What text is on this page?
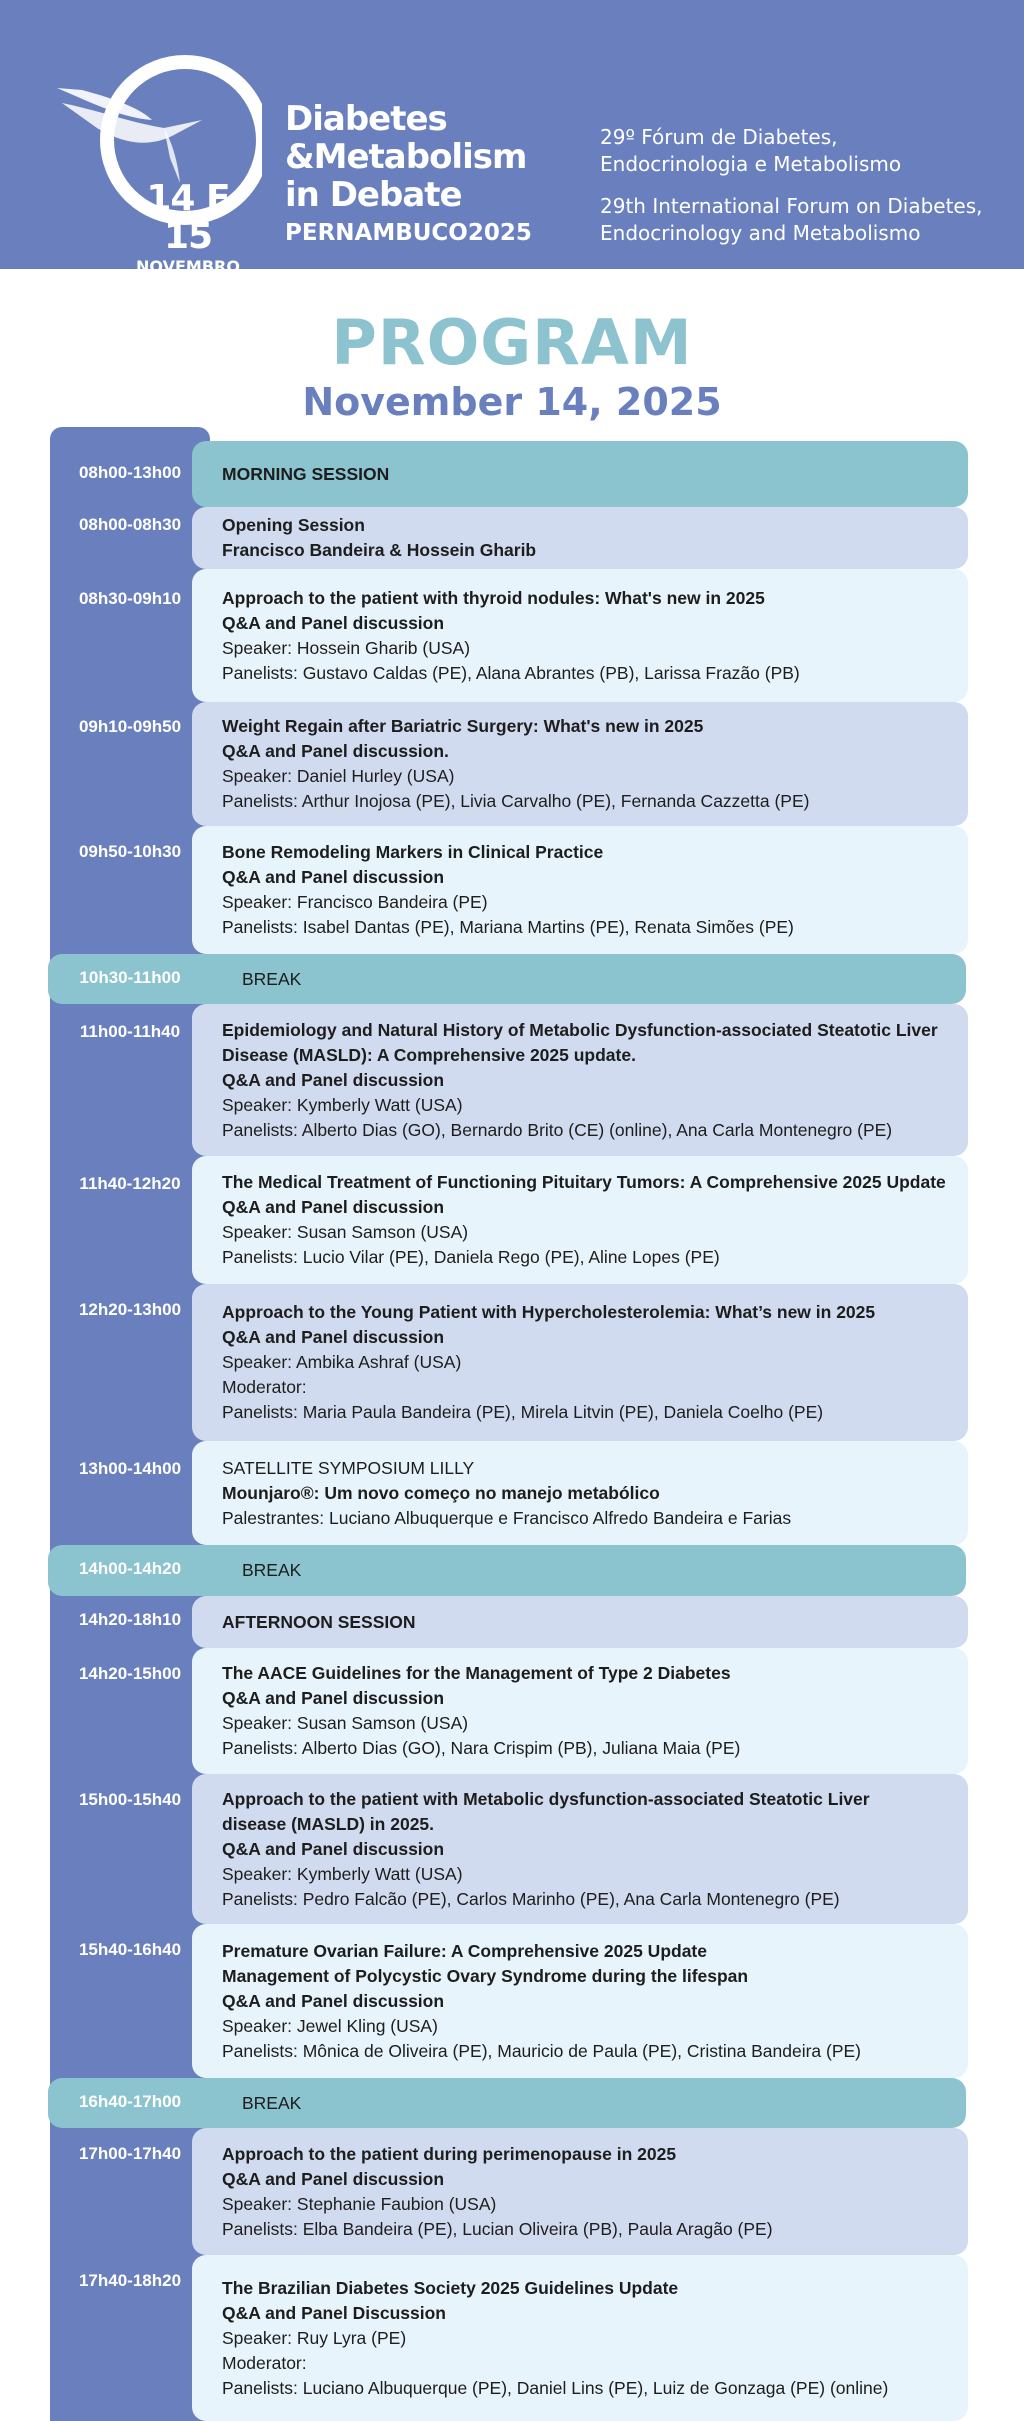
14 E 15
NOVEMBRO
Diabetes
&Metabolism
in Debate
PERNAMBUCO2025
29º Fórum de Diabetes,
Endocrinologia e Metabolismo
29th International Forum on Diabetes,
Endocrinology and Metabolismo
PROGRAM
November 14, 2025
08h00-13h00	MORNING SESSION
08h00-08h30	Opening Session
Francisco Bandeira & Hossein Gharib
08h30-09h10	Approach to the patient with thyroid nodules: What's new in 2025
Q&A and Panel discussion
Speaker: Hossein Gharib (USA)
Panelists: Gustavo Caldas (PE), Alana Abrantes (PB), Larissa Frazão (PB)
09h10-09h50	Weight Regain after Bariatric Surgery: What's new in 2025
Q&A and Panel discussion.
Speaker: Daniel Hurley (USA)
Panelists: Arthur Inojosa (PE), Livia Carvalho (PE), Fernanda Cazzetta (PE)
09h50-10h30	Bone Remodeling Markers in Clinical Practice
Q&A and Panel discussion
Speaker: Francisco Bandeira (PE)
Panelists: Isabel Dantas (PE), Mariana Martins (PE), Renata Simões (PE)
10h30-11h00	BREAK
11h00-11h40	Epidemiology and Natural History of Metabolic Dysfunction-associated Steatotic Liver
Disease (MASLD): A Comprehensive 2025 update.
Q&A and Panel discussion
Speaker: Kymberly Watt (USA)
Panelists: Alberto Dias (GO), Bernardo Brito (CE) (online), Ana Carla Montenegro (PE)
11h40-12h20	The Medical Treatment of Functioning Pituitary Tumors: A Comprehensive 2025 Update
Q&A and Panel discussion
Speaker: Susan Samson (USA)
Panelists: Lucio Vilar (PE), Daniela Rego (PE), Aline Lopes (PE)
12h20-13h00	Approach to the Young Patient with Hypercholesterolemia: What’s new in 2025
Q&A and Panel discussion
Speaker: Ambika Ashraf (USA)
Moderator:
Panelists: Maria Paula Bandeira (PE), Mirela Litvin (PE), Daniela Coelho (PE)
13h00-14h00	SATELLITE SYMPOSIUM LILLY
Mounjaro®: Um novo começo no manejo metabólico
Palestrantes: Luciano Albuquerque e Francisco Alfredo Bandeira e Farias
14h00-14h20	BREAK
14h20-18h10	AFTERNOON SESSION
14h20-15h00	The AACE Guidelines for the Management of Type 2 Diabetes
Q&A and Panel discussion
Speaker: Susan Samson (USA)
Panelists: Alberto Dias (GO), Nara Crispim (PB), Juliana Maia (PE)
15h00-15h40	Approach to the patient with Metabolic dysfunction-associated Steatotic Liver
disease (MASLD) in 2025.
Q&A and Panel discussion
Speaker: Kymberly Watt (USA)
Panelists: Pedro Falcão (PE), Carlos Marinho (PE), Ana Carla Montenegro (PE)
15h40-16h40	Premature Ovarian Failure: A Comprehensive 2025 Update
Management of Polycystic Ovary Syndrome during the lifespan
Q&A and Panel discussion
Speaker: Jewel Kling (USA)
Panelists: Mônica de Oliveira (PE), Mauricio de Paula (PE), Cristina Bandeira (PE)
16h40-17h00	BREAK
17h00-17h40	Approach to the patient during perimenopause in 2025
Q&A and Panel discussion
Speaker: Stephanie Faubion (USA)
Panelists: Elba Bandeira (PE), Lucian Oliveira (PB), Paula Aragão (PE)
17h40-18h20	The Brazilian Diabetes Society 2025 Guidelines Update
Q&A and Panel Discussion
Speaker: Ruy Lyra (PE)
Moderator:
Panelists: Luciano Albuquerque (PE), Daniel Lins (PE), Luiz de Gonzaga (PE) (online)
